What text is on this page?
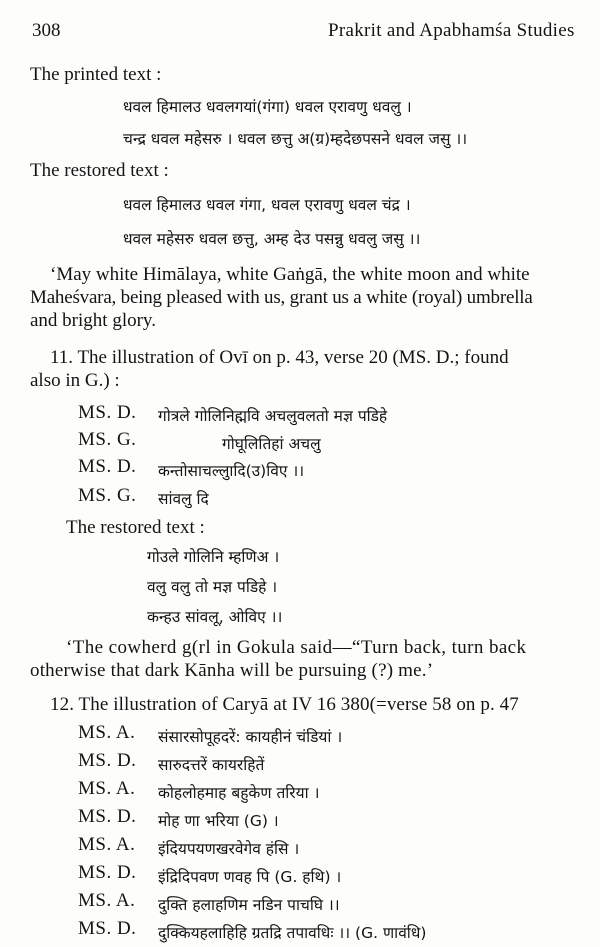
308	Prakrit and Apabhamśa Studies
The printed text :
धवल हिमालउ धवलगयां(गंगा) धवल एरावणु धवलु ।
चन्द्र धवल महेसरु । धवल छत्तु अ(ग्र)म्हदेछपसने धवल जसु ।।
The restored text :
धवल हिमालउ धवल गंगा, धवल एरावणु धवल चंद्र ।
धवल महेसरु धवल छत्तु, अम्ह देउ पसन्नु धवलु जसु ।।
‘May white Himālaya, white Gaṅgā, the white moon and white
Maheśvara, being pleased with us, grant us a white (royal) umbrella
and bright glory.
11. The illustration of Ovī on p. 43, verse 20 (MS. D.; found
also in G.) :
MS. D. गोत्रले गोलिनिह्मवि अचलुवलतो मज्ञ पडिहे
MS. G.	गोघूलितिहां अचलु
MS. D. कन्तोसाचल्लुादि(उ)विए ।।
MS. G. सांवलु दि
The restored text :
गोउले गोलिनि म्हणिअ ।
वलु वलु तो मज्ञ पडिहे ।
कन्हउ सांवलू, ओविए ।।
‘The cowherd g(rl in Gokula said—“Turn back, turn back
otherwise that dark Kānha will be pursuing (?) me.’
12. The illustration of Caryā at IV 16 380(=verse 58 on p. 47
MS. A. संसारसोपूहदरें: कायहीनं चंडियां ।
MS. D. सारुदत्तरें कायरहितें
MS. A. कोहलोहमाह बहुकेण तरिया ।
MS. D. मोह णा भरिया (G) ।
MS. A. इंदियपयणखरवेगेव हंसि ।
MS. D. इंद्रिदिपवण णवह पि (G. हथि) ।
MS. A. दुक्ति हलाहणिम नडिन पाचघि ।।
MS. D. दुक्कियहलाहिहि ग्रतद्रि तपावधिः ।। (G. णावंधि)
